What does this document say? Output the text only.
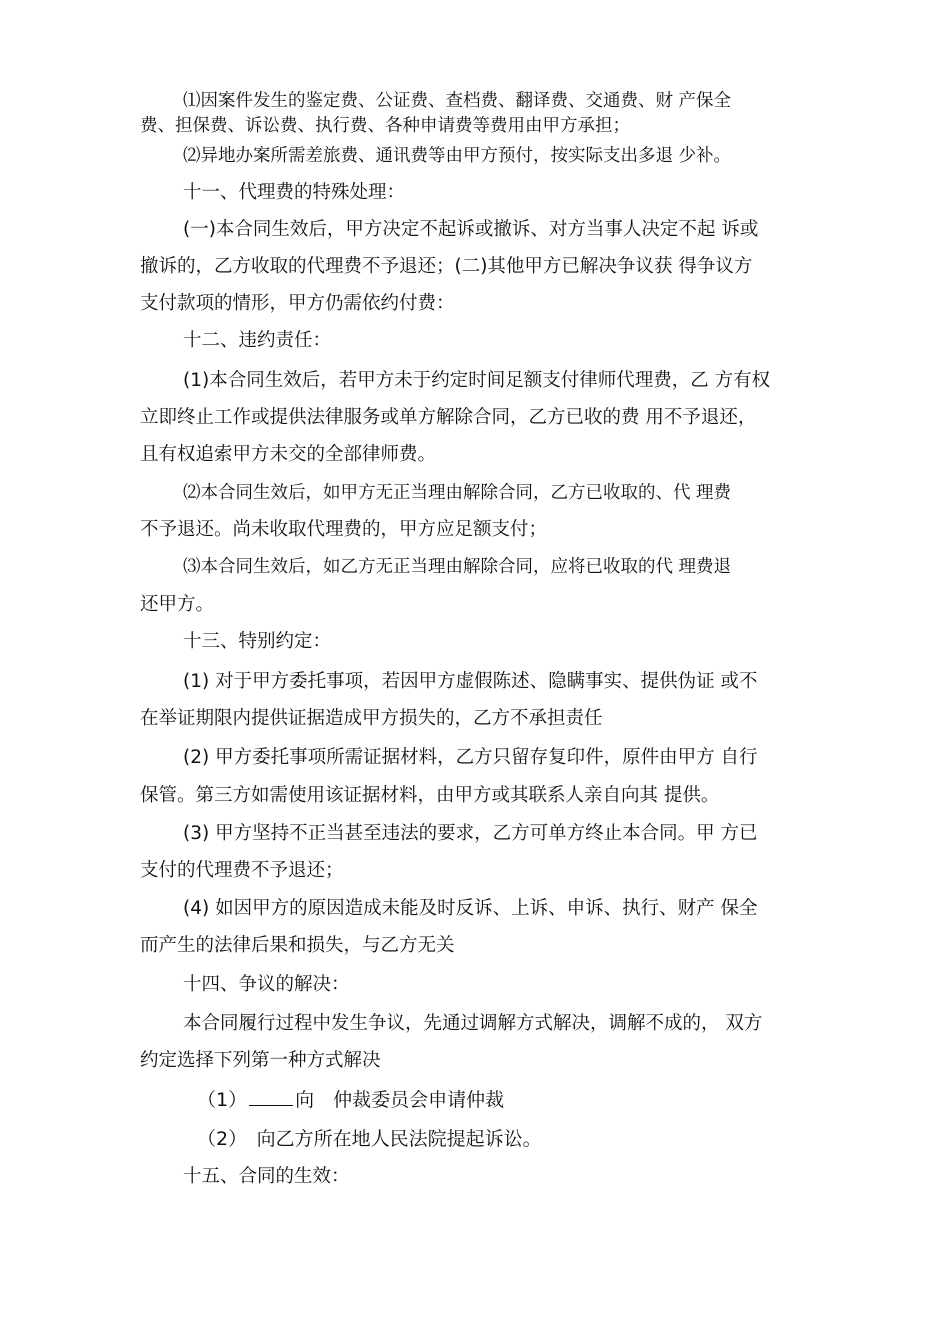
⑴因案件发生的鉴定费、公证费、查档费、翻译费、交通费、财 产保全
费、担保费、诉讼费、执行费、各种申请费等费用由甲方承担；
⑵异地办案所需差旅费、通讯费等由甲方预付，按实际支出多退 少补。
十一、代理费的特殊处理：
(一)本合同生效后，甲方决定不起诉或撤诉、对方当事人决定不起 诉或
撤诉的，乙方收取的代理费不予退还；(二)其他甲方已解决争议获 得争议方
支付款项的情形，甲方仍需依约付费：
十二、违约责任：
(1)本合同生效后，若甲方未于约定时间足额支付律师代理费，乙 方有权
立即终止工作或提供法律服务或单方解除合同，乙方已收的费 用不予退还，
且有权追索甲方未交的全部律师费。
⑵本合同生效后，如甲方无正当理由解除合同，乙方已收取的、代 理费
不予退还。尚未收取代理费的，甲方应足额支付；
⑶本合同生效后，如乙方无正当理由解除合同，应将已收取的代 理费退
还甲方。
十三、特别约定：
(1) 对于甲方委托事项，若因甲方虚假陈述、隐瞒事实、提供伪证 或不
在举证期限内提供证据造成甲方损失的，乙方不承担责任
(2) 甲方委托事项所需证据材料，乙方只留存复印件，原件由甲方 自行
保管。第三方如需使用该证据材料，由甲方或其联系人亲自向其 提供。
(3) 甲方坚持不正当甚至违法的要求，乙方可单方终止本合同。甲 方已
支付的代理费不予退还；
(4) 如因甲方的原因造成未能及时反诉、上诉、申诉、执行、财产 保全
而产生的法律后果和损失，与乙方无关
十四、争议的解决：
本合同履行过程中发生争议，先通过调解方式解决，调解不成的， 双方
约定选择下列第一种方式解决
（1）	向　仲裁委员会申请仲裁
（2）　向乙方所在地人民法院提起诉讼。
十五、合同的生效：
